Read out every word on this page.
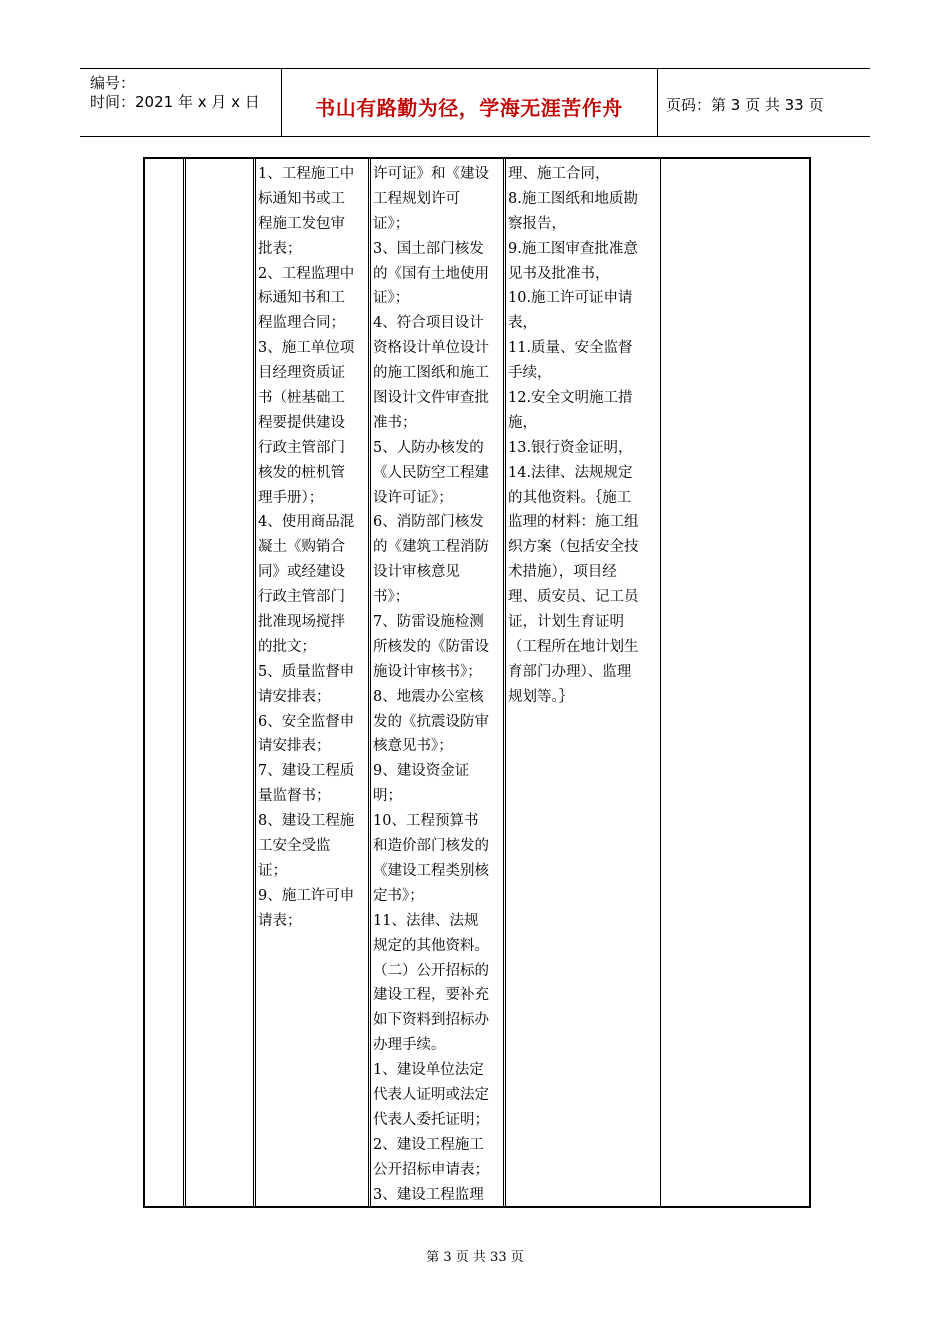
编号：
时间：2021 年 x 月 x 日	书山有路勤为径，学海无涯苦作舟	页码：第 3 页 共 33 页
1、工程施工中
标通知书或工
程施工发包审
批表；
2、工程监理中
标通知书和工
程监理合同；
3、施工单位项
目经理资质证
书（桩基础工
程要提供建设
行政主管部门
核发的桩机管
理手册）；
4、使用商品混
凝土《购销合
同》或经建设
行政主管部门
批准现场搅拌
的批文；
5、质量监督申
请安排表；
6、安全监督申
请安排表；
7、建设工程质
量监督书；
8、建设工程施
工安全受监
证；
9、施工许可申
请表；
许可证》和《建设
工程规划许可
证》；
3、国土部门核发
的《国有土地使用
证》；
4、符合项目设计
资格设计单位设计
的施工图纸和施工
图设计文件审查批
准书；
5、人防办核发的
《人民防空工程建
设许可证》；
6、消防部门核发
的《建筑工程消防
设计审核意见
书》；
7、防雷设施检测
所核发的《防雷设
施设计审核书》；
8、地震办公室核
发的《抗震设防审
核意见书》；
9、建设资金证
明；
10、工程预算书
和造价部门核发的
《建设工程类别核
定书》；
11、法律、法规
规定的其他资料。
（二）公开招标的
建设工程，要补充
如下资料到招标办
办理手续。
1、建设单位法定
代表人证明或法定
代表人委托证明；
2、建设工程施工
公开招标申请表；
3、建设工程监理
理、施工合同，
8.施工图纸和地质勘
察报告，
9.施工图审查批准意
见书及批准书，
10.施工许可证申请
表，
11.质量、安全监督
手续，
12.安全文明施工措
施，
13.银行资金证明，
14.法律、法规规定
的其他资料。｛施工
监理的材料：施工组
织方案（包括安全技
术措施），项目经
理、质安员、记工员
证，计划生育证明
（工程所在地计划生
育部门办理）、监理
规划等。｝
第 3 页 共 33 页
